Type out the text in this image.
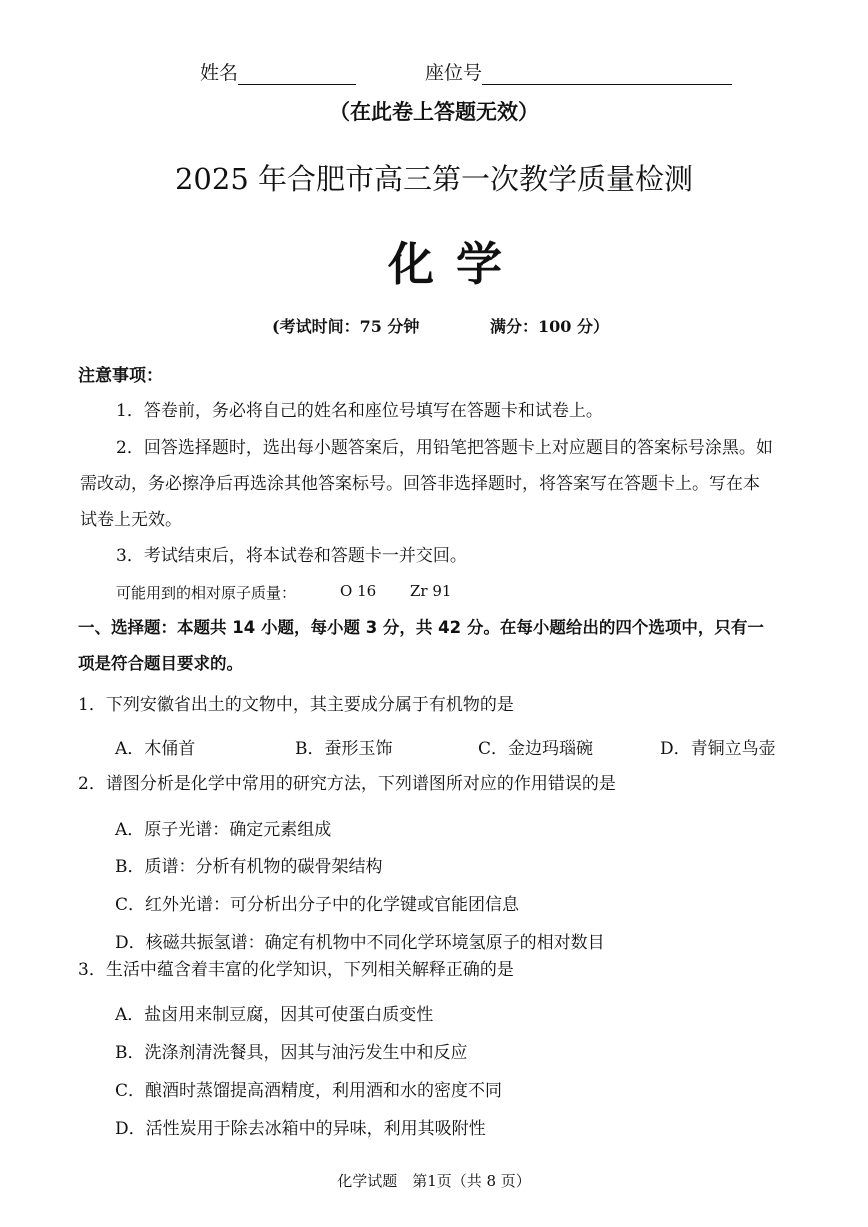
姓名	座位号
（在此卷上答题无效）
2025 年合肥市高三第一次教学质量检测
化学
(考试时间：75 分钟	满分：100 分）
注意事项：
1．答卷前，务必将自己的姓名和座位号填写在答题卡和试卷上。
2．回答选择题时，选出每小题答案后，用铅笔把答题卡上对应题目的答案标号涂黑。如
需改动，务必擦净后再选涂其他答案标号。回答非选择题时，将答案写在答题卡上。写在本
试卷上无效。
3．考试结束后，将本试卷和答题卡一并交回。
可能用到的相对原子质量：	O 16 Zr 91
一、选择题：本题共 14 小题，每小题 3 分，共 42 分。在每小题给出的四个选项中，只有一
项是符合题目要求的。
1．下列安徽省出土的文物中，其主要成分属于有机物的是
A．木俑首	B．蚕形玉饰	C．金边玛瑙碗	D．青铜立鸟壶
2．谱图分析是化学中常用的研究方法，下列谱图所对应的作用错误的是
A．原子光谱：确定元素组成
B．质谱：分析有机物的碳骨架结构
C．红外光谱：可分析出分子中的化学键或官能团信息
D．核磁共振氢谱：确定有机物中不同化学环境氢原子的相对数目
3．生活中蕴含着丰富的化学知识，下列相关解释正确的是
A．盐卤用来制豆腐，因其可使蛋白质变性
B．洗涤剂清洗餐具，因其与油污发生中和反应
C．酿酒时蒸馏提高酒精度，利用酒和水的密度不同
D．活性炭用于除去冰箱中的异味，利用其吸附性
化学试题　第1页（共 8 页）
